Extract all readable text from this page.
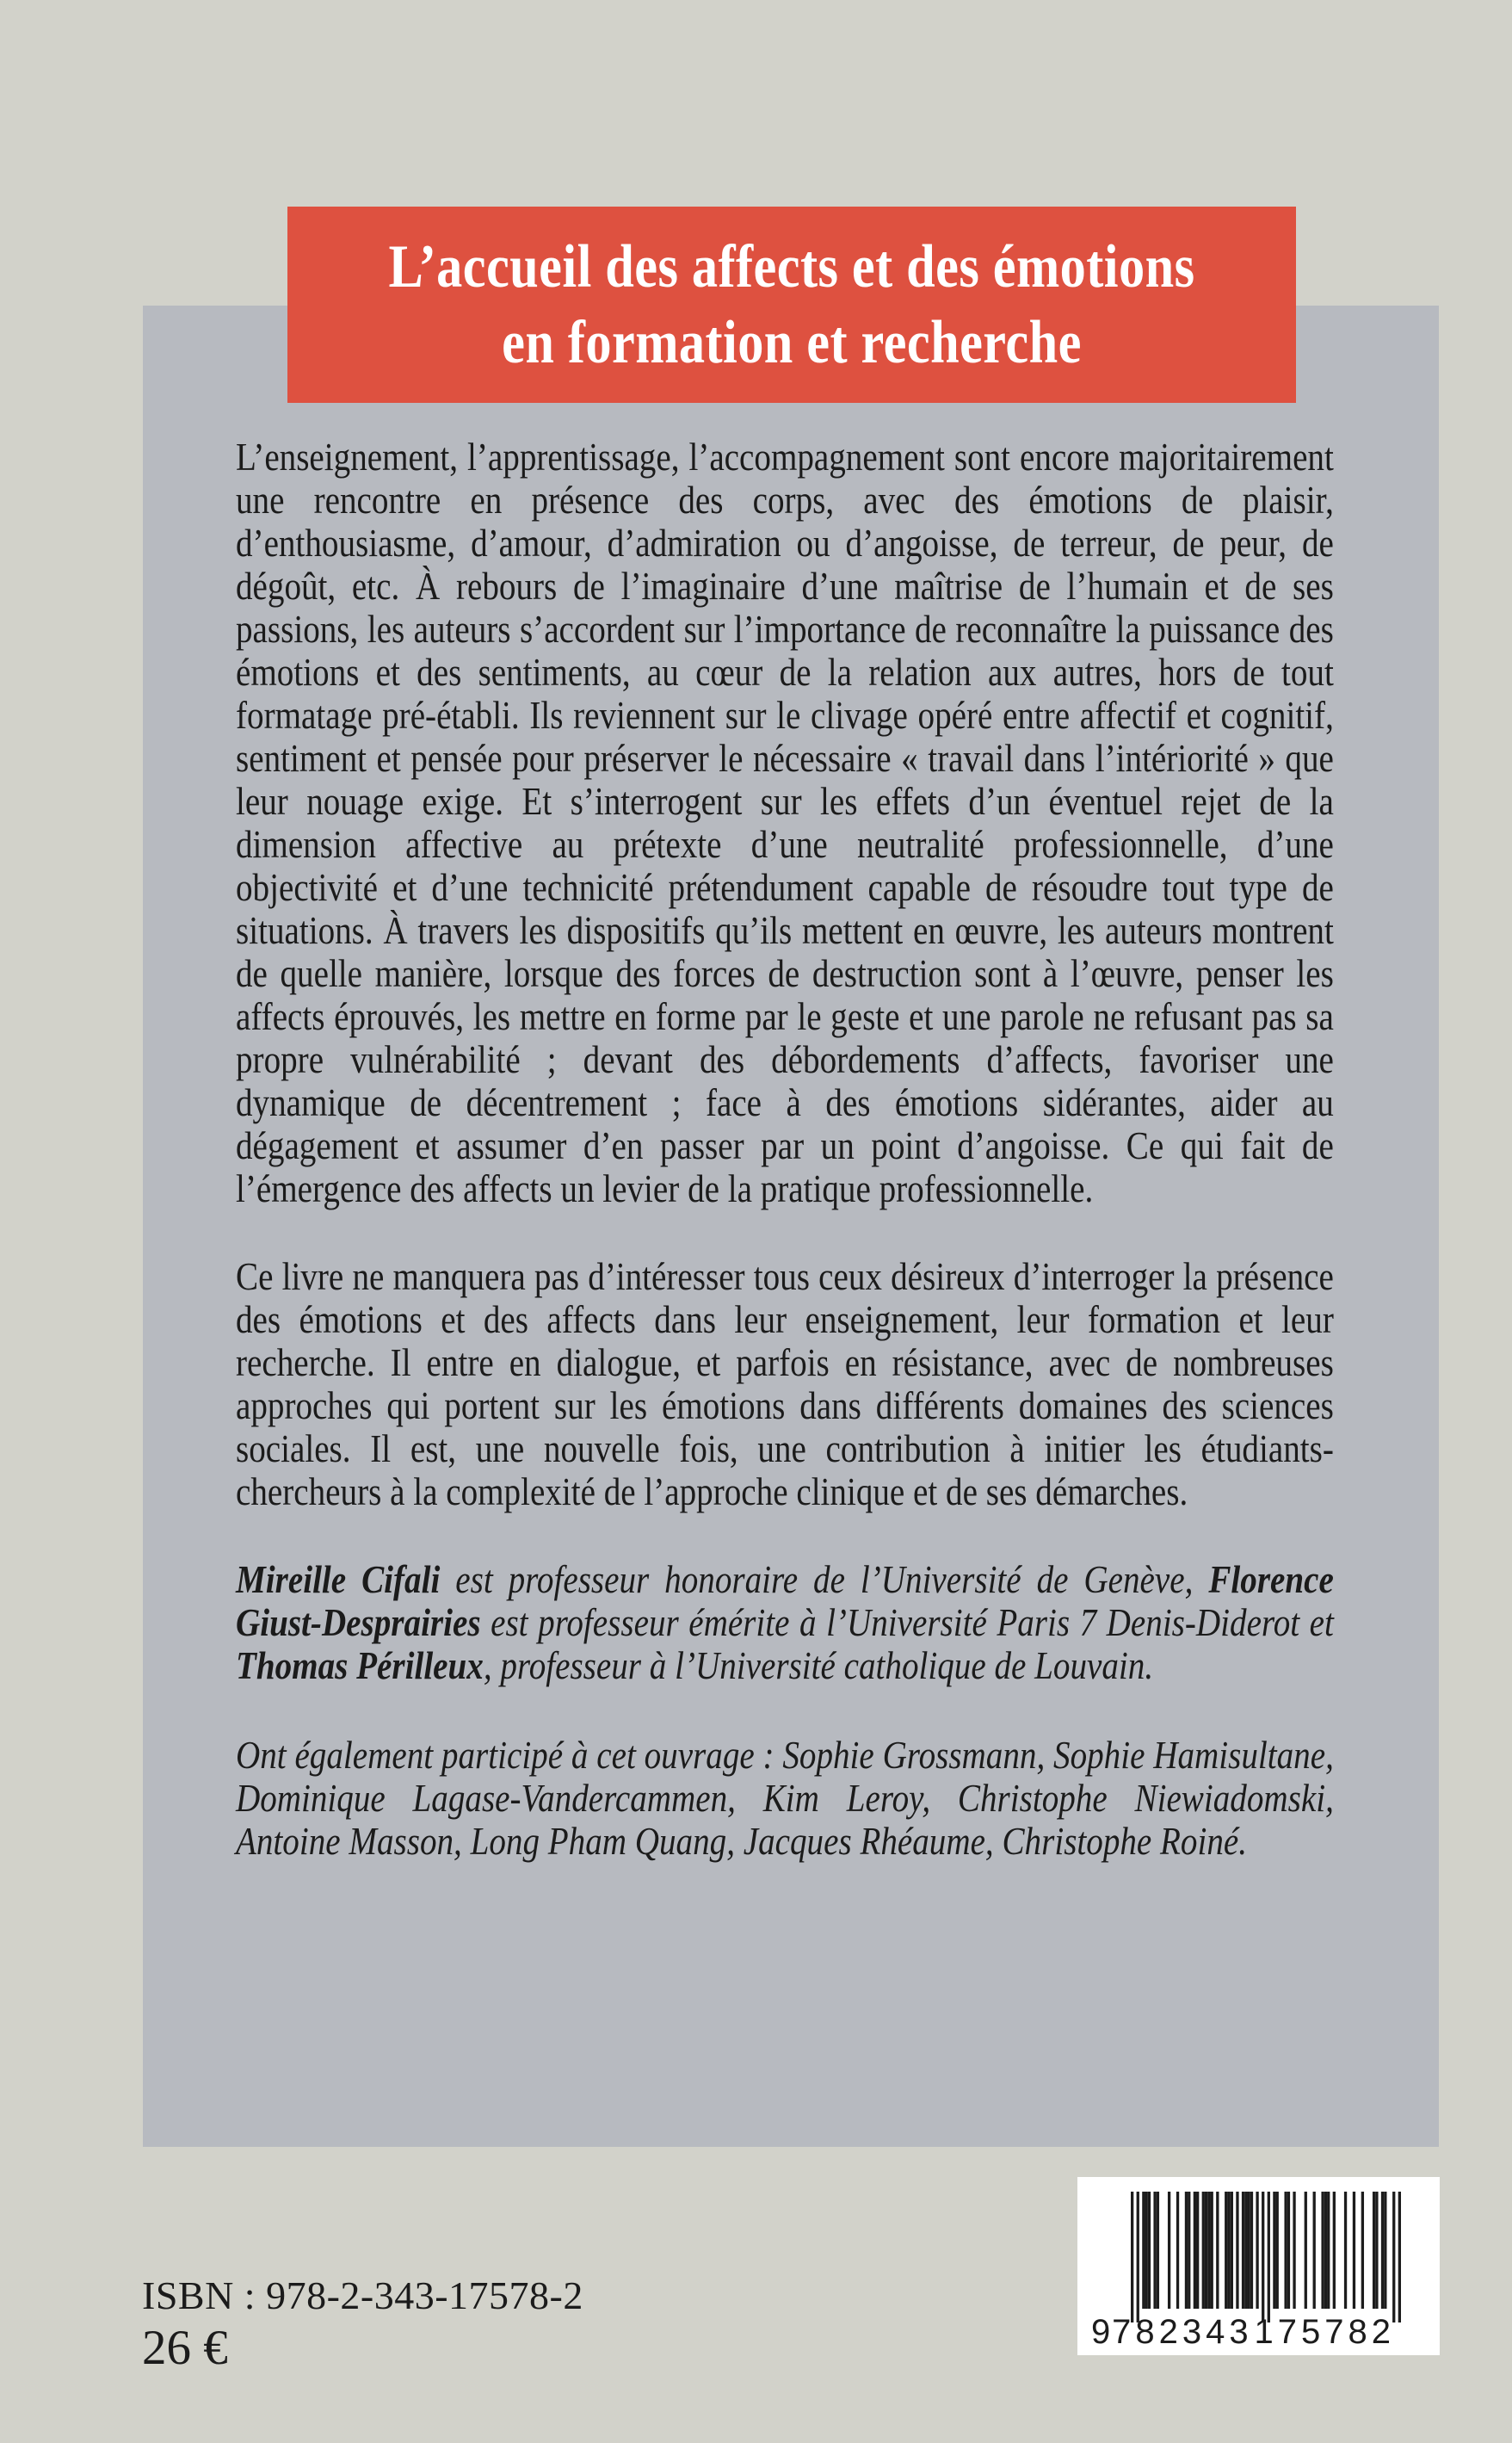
L’accueil des affects et des émotions
en formation et recherche

L’enseignement, l’apprentissage, l’accompagnement sont encore majoritairement une rencontre en présence des corps, avec des émotions de plaisir, d’enthousiasme, d’amour, d’admiration ou d’angoisse, de terreur, de peur, de dégoût, etc. À rebours de l’imaginaire d’une maîtrise de l’humain et de ses passions, les auteurs s’accordent sur l’importance de reconnaître la puissance des émotions et des sentiments, au cœur de la relation aux autres, hors de tout formatage pré-établi. Ils reviennent sur le clivage opéré entre affectif et cognitif, sentiment et pensée pour préserver le nécessaire « travail dans l’intériorité » que leur nouage exige. Et s’interrogent sur les effets d’un éventuel rejet de la dimension affective au prétexte d’une neutralité professionnelle, d’une objectivité et d’une technicité prétendument capable de résoudre tout type de situations. À travers les dispositifs qu’ils mettent en œuvre, les auteurs montrent de quelle manière, lorsque des forces de destruction sont à l’œuvre, penser les affects éprouvés, les mettre en forme par le geste et une parole ne refusant pas sa propre vulnérabilité ; devant des débordements d’affects, favoriser une dynamique de décentrement ; face à des émotions sidérantes, aider au dégagement et assumer d’en passer par un point d’angoisse. Ce qui fait de l’émergence des affects un levier de la pratique professionnelle.

Ce livre ne manquera pas d’intéresser tous ceux désireux d’interroger la présence des émotions et des affects dans leur enseignement, leur formation et leur recherche. Il entre en dialogue, et parfois en résistance, avec de nombreuses approches qui portent sur les émotions dans différents domaines des sciences sociales. Il est, une nouvelle fois, une contribution à initier les étudiants-chercheurs à la complexité de l’approche clinique et de ses démarches.

Mireille Cifali est professeur honoraire de l’Université de Genève, Florence Giust-Desprairies est professeur émérite à l’Université Paris 7 Denis-Diderot et Thomas Périlleux, professeur à l’Université catholique de Louvain.

Ont également participé à cet ouvrage : Sophie Grossmann, Sophie Hamisultane, Dominique Lagase-Vandercammen, Kim Leroy, Christophe Niewiadomski, Antoine Masson, Long Pham Quang, Jacques Rhéaume, Christophe Roiné.

ISBN : 978-2-343-17578-2
26 €	9 782343 175782
